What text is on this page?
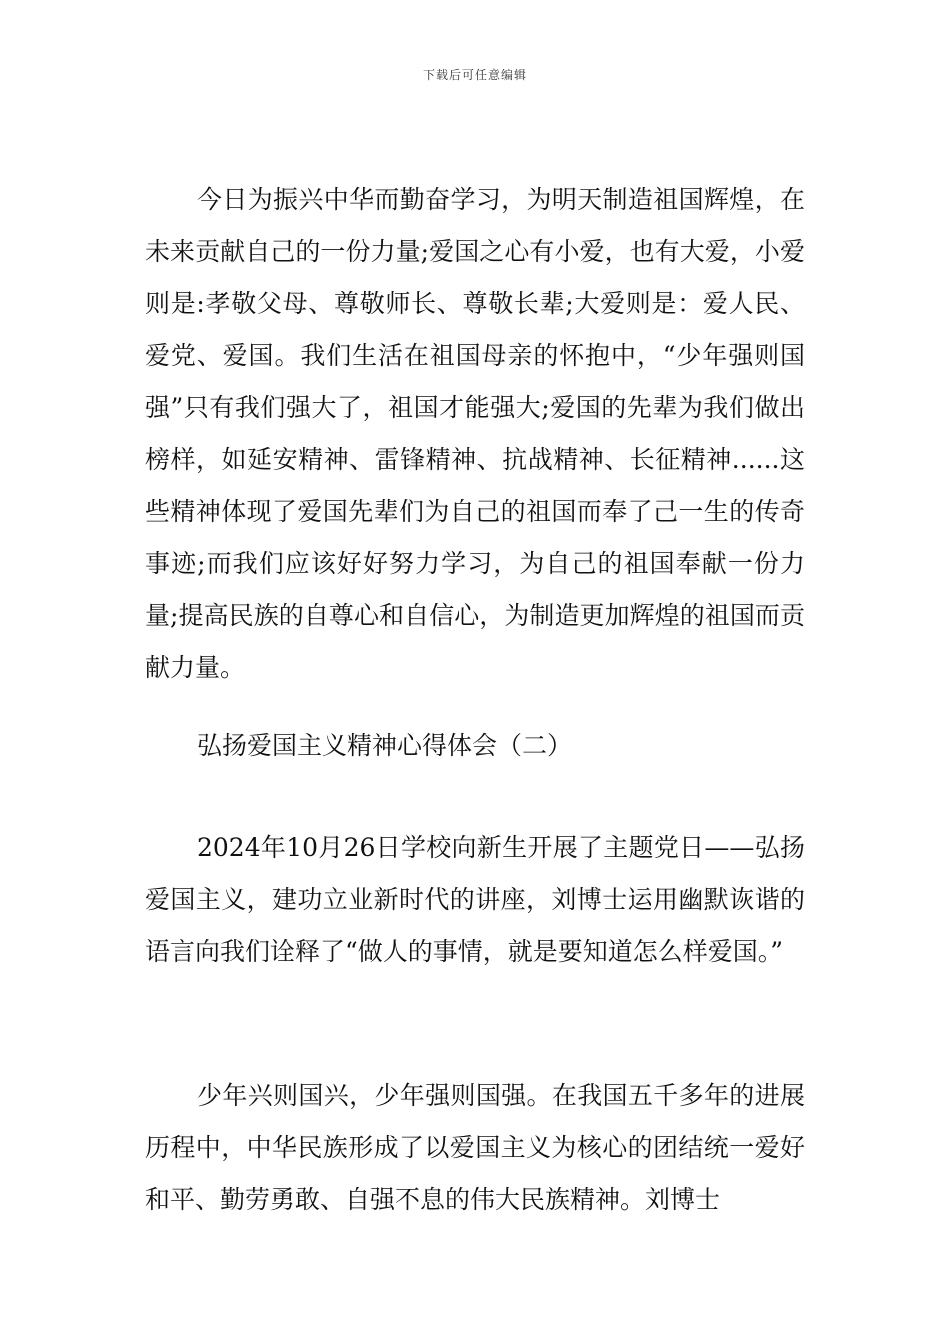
下载后可任意编辑

今日为振兴中华而勤奋学习，为明天制造祖国辉煌，在未来贡献自己的一份力量;爱国之心有小爱，也有大爱，小爱则是:孝敬父母、尊敬师长、尊敬长辈;大爱则是：爱人民、爱党、爱国。我们生活在祖国母亲的怀抱中，“少年强则国强”只有我们强大了，祖国才能强大;爱国的先辈为我们做出榜样，如延安精神、雷锋精神、抗战精神、长征精神......这些精神体现了爱国先辈们为自己的祖国而奉了己一生的传奇事迹;而我们应该好好努力学习，为自己的祖国奉献一份力量;提高民族的自尊心和自信心，为制造更加辉煌的祖国而贡献力量。

弘扬爱国主义精神心得体会（二）

2024年10月26日学校向新生开展了主题党日——弘扬爱国主义，建功立业新时代的讲座，刘博士运用幽默诙谐的语言向我们诠释了“做人的事情，就是要知道怎么样爱国。”

少年兴则国兴，少年强则国强。在我国五千多年的进展历程中，中华民族形成了以爱国主义为核心的团结统一爱好和平、勤劳勇敢、自强不息的伟大民族精神。刘博士
